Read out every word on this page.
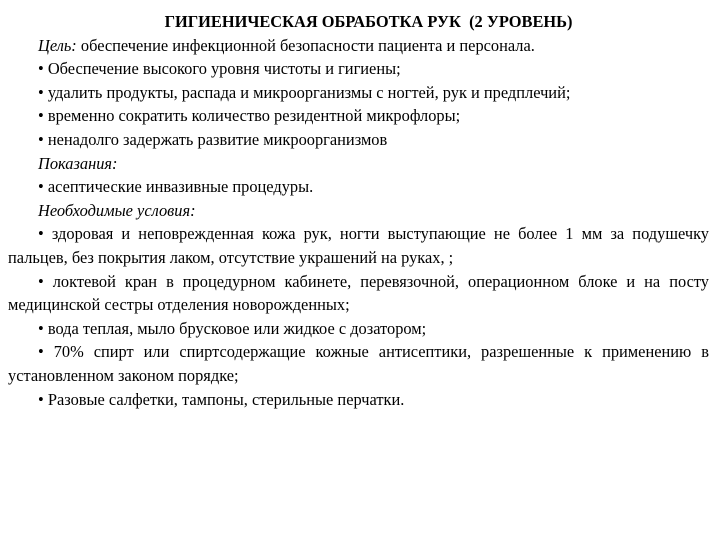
ГИГИЕНИЧЕСКАЯ ОБРАБОТКА РУК  (2 УРОВЕНЬ)
Цель: обеспечение инфекционной безопасности пациента и персонала.
• Обеспечение высокого уровня чистоты и гигиены;
• удалить продукты, распада и микроорганизмы с ногтей, рук и предплечий;
• временно сократить количество резидентной микрофлоры;
• ненадолго задержать развитие микроорганизмов
Показания:
• асептические инвазивные процедуры.
Необходимые условия:

• здоровая и неповрежденная кожа рук, ногти выступающие не более 1 мм за подушечку пальцев, без покрытия лаком, отсутствие украшений на руках, ;

• локтевой кран в процедурном кабинете, перевязочной, операционном блоке и на посту медицинской сестры отделения новорожденных;

• вода теплая, мыло брусковое или жидкое с дозатором;

• 70% спирт или спиртсодержащие кожные антисептики, разрешенные к применению в установленном законом порядке;

• Разовые салфетки, тампоны, стерильные перчатки.
